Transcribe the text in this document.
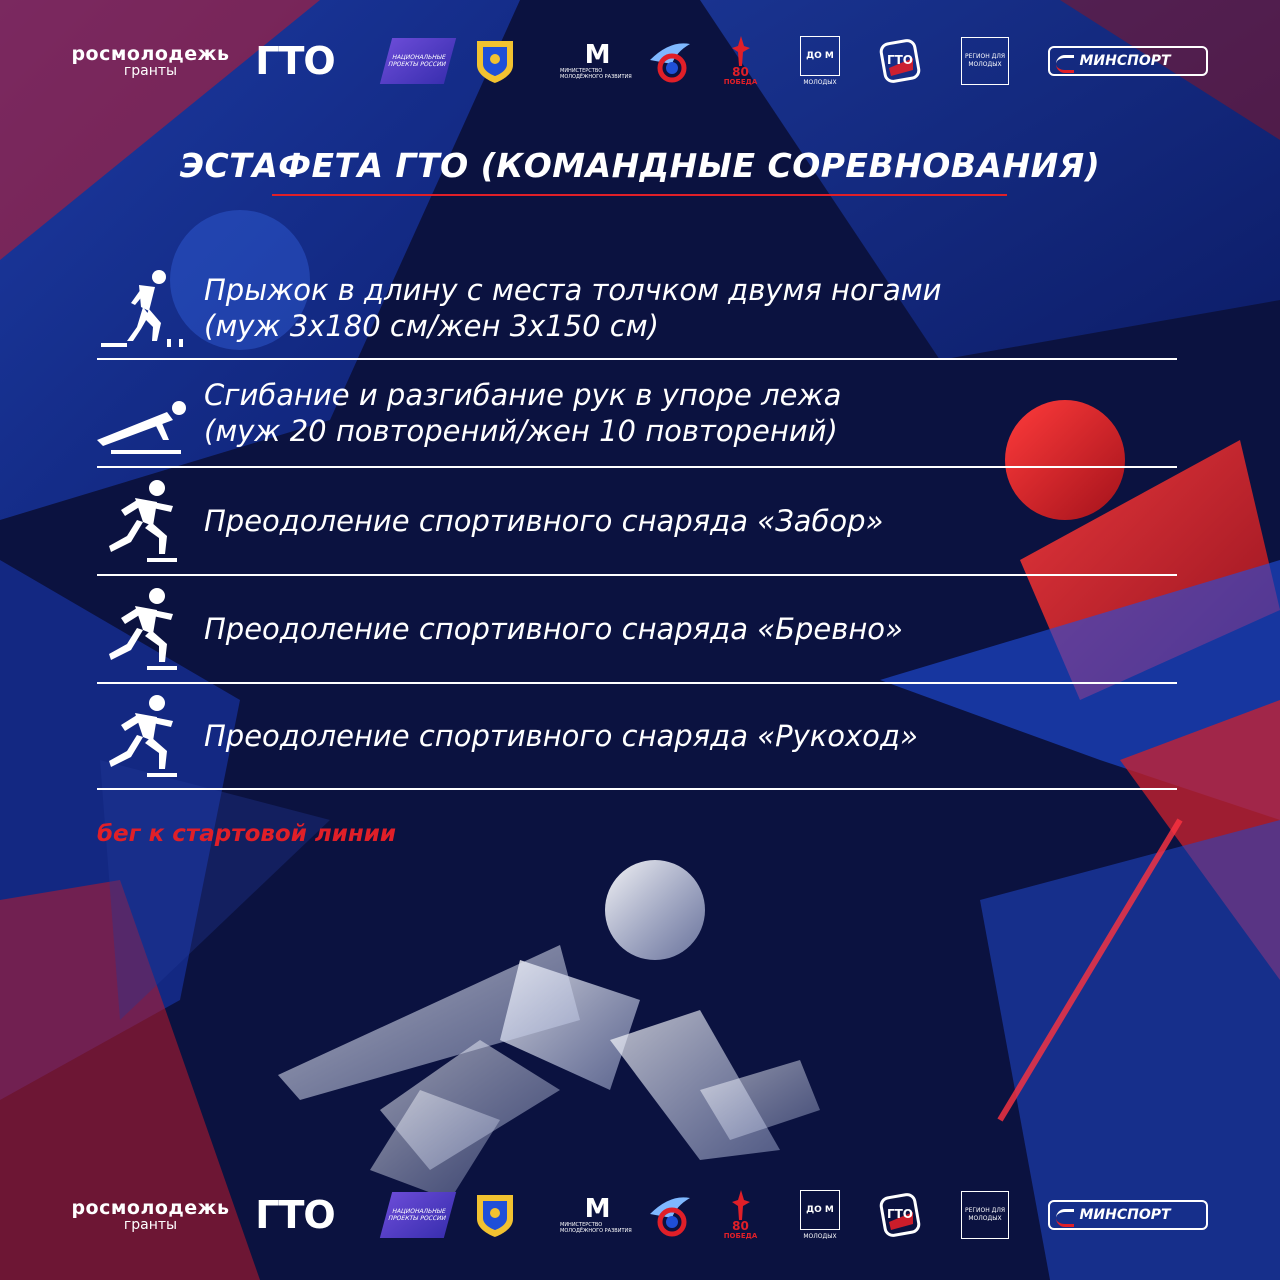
росмолодежь
гранты ГТО	НАЦИОНАЛЬНЫЕ ПРОЕКТЫ РОССИИ	M
МИНИСТЕРСТВО МОЛОДЁЖНОГО РАЗВИТИЯ	80
ПОБЕДА
ДО М
МОЛОДЫХ
ГТО	РЕГИОН ДЛЯ МОЛОДЫХ	МИНСПОРТ
ЭСТАФЕТА ГТО (КОМАНДНЫЕ СОРЕВНОВАНИЯ)
Прыжок в длину с места толчком двумя ногами
(муж 3х180 см/жен 3х150 см)
Сгибание и разгибание рук в упоре лежа
(муж 20 повторений/жен 10 повторений)
Преодоление спортивного снаряда «Забор»
Преодоление спортивного снаряда «Бревно»
Преодоление спортивного снаряда «Рукоход»
бег к стартовой линии
росмолодежь
гранты ГТО	НАЦИОНАЛЬНЫЕ ПРОЕКТЫ РОССИИ	M
МИНИСТЕРСТВО МОЛОДЁЖНОГО РАЗВИТИЯ	80
ПОБЕДА
ДО М
МОЛОДЫХ
ГТО	РЕГИОН ДЛЯ МОЛОДЫХ	МИНСПОРТ
